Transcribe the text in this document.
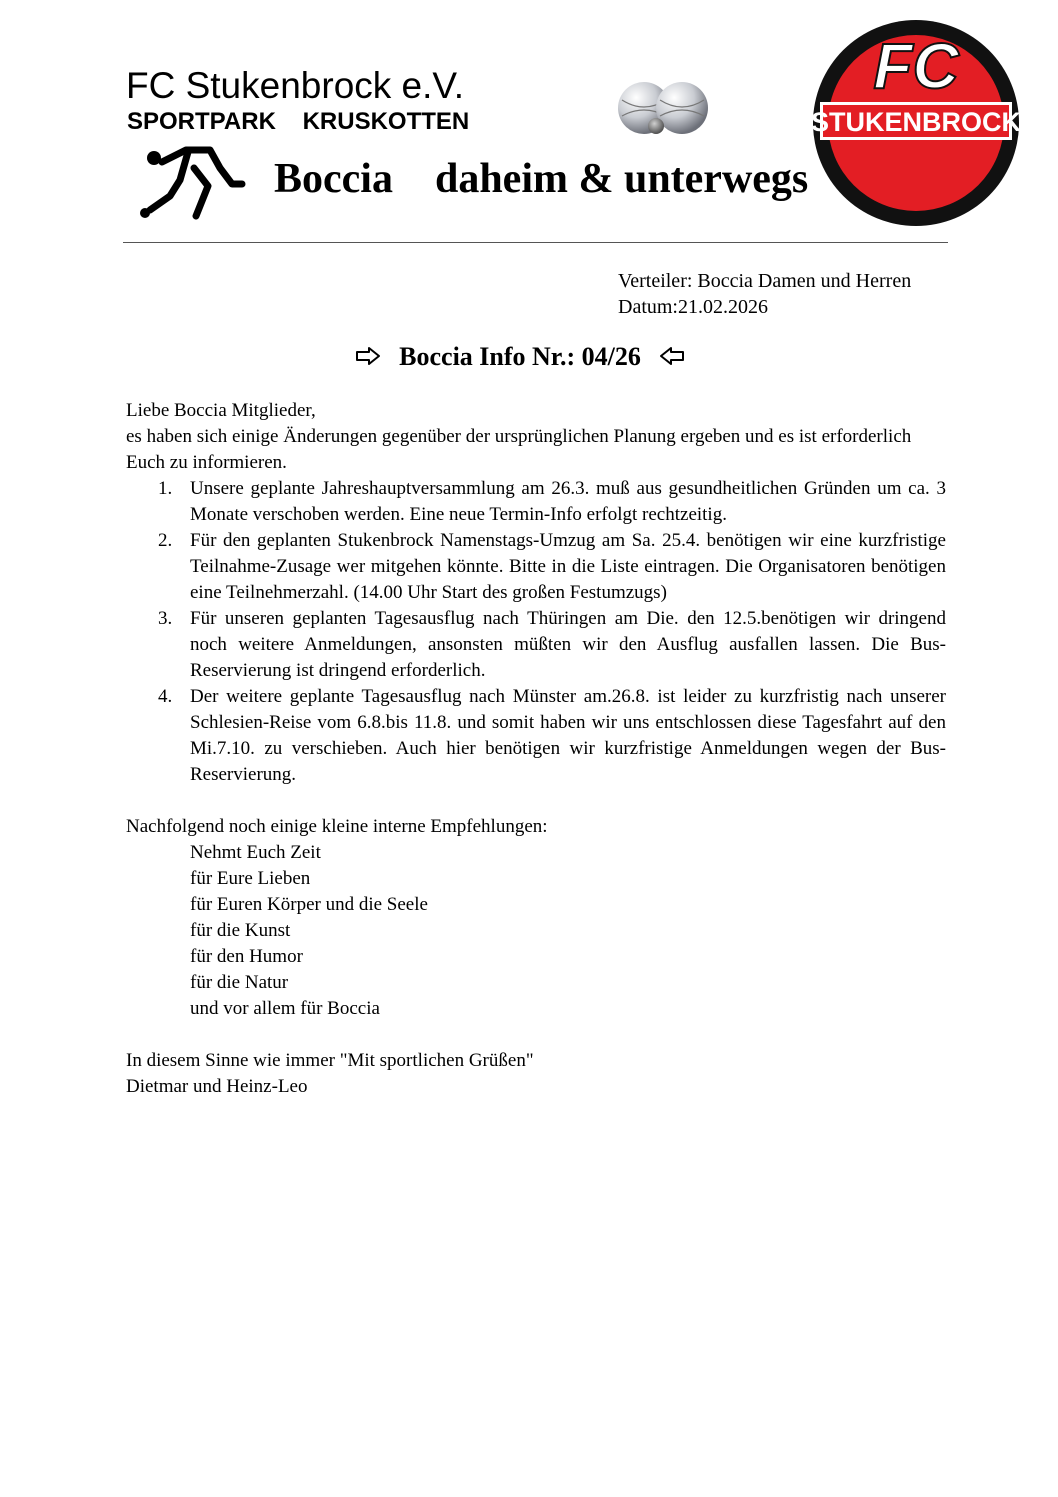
FC Stukenbrock e.V.
SPORTPARK    KRUSKOTTEN
Boccia    daheim & unterwegs
FC
STUKENBROCK
Verteiler: Boccia Damen und Herren
Datum:21.02.2026
Boccia Info Nr.: 04/26

Liebe Boccia Mitglieder,

es haben sich einige Änderungen gegenüber der ursprünglichen Planung ergeben und es ist erforderlich

Euch zu informieren.

1. Unsere geplante Jahreshauptversammlung am 26.3. muß aus gesundheitlichen Gründen um ca. 3 Monate verschoben werden. Eine neue Termin-Info erfolgt rechtzeitig.
2. Für den geplanten Stukenbrock Namenstags-Umzug am Sa. 25.4. benötigen wir eine kurzfristige Teilnahme-Zusage wer mitgehen könnte. Bitte in die Liste eintragen. Die Organisatoren benötigen eine Teilnehmerzahl. (14.00 Uhr Start des großen Festumzugs)
3. Für unseren geplanten Tagesausflug nach Thüringen am Die. den 12.5.benötigen wir dringend noch weitere Anmeldungen, ansonsten müßten wir den Ausflug ausfallen lassen. Die Bus-Reservierung ist dringend erforderlich.
4. Der weitere geplante Tagesausflug nach Münster am.26.8. ist leider zu kurzfristig nach unserer Schlesien-Reise vom 6.8.bis 11.8. und somit haben wir uns entschlossen diese Tagesfahrt auf den Mi.7.10. zu verschieben. Auch hier benötigen wir kurzfristige Anmeldungen wegen der Bus-Reservierung.

Nachfolgend noch einige kleine interne Empfehlungen:

Nehmt Euch Zeit

für Eure Lieben

für Euren Körper und die Seele

für die Kunst

für den Humor

für die Natur

und vor allem für Boccia

In diesem Sinne wie immer "Mit sportlichen Grüßen"

Dietmar und Heinz-Leo
